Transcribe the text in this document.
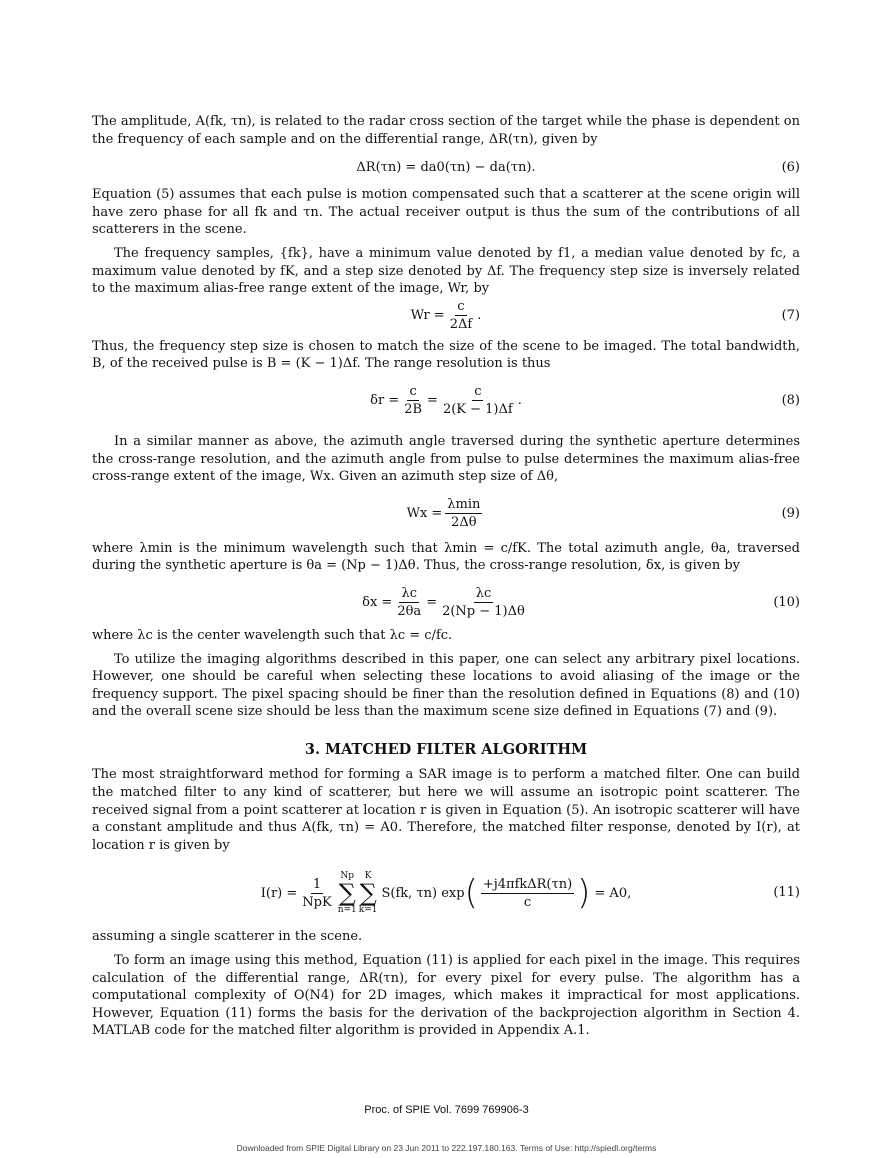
The amplitude, A(fk, τn), is related to the radar cross section of the target while the phase is dependent on the frequency of each sample and on the differential range, ΔR(τn), given by

ΔR(τn) = da0(τn) − da(τn).	(6)

Equation (5) assumes that each pulse is motion compensated such that a scatterer at the scene origin will have zero phase for all fk and τn. The actual receiver output is thus the sum of the contributions of all scatterers in the scene.

The frequency samples, {fk}, have a minimum value denoted by f1, a median value denoted by fc, a maximum value denoted by fK, and a step size denoted by Δf. The frequency step size is inversely related to the maximum alias-free range extent of the image, Wr, by

$Wr = \frac{c}{2\Delta f}$ .	(7)

Thus, the frequency step size is chosen to match the size of the scene to be imaged. The total bandwidth, B, of the received pulse is B = (K − 1)Δf. The range resolution is thus

$\delta r = \frac{c}{2B} = \frac{c}{2(K - 1)\Delta f}$ .	(8)

In a similar manner as above, the azimuth angle traversed during the synthetic aperture determines the cross-range resolution, and the azimuth angle from pulse to pulse determines the maximum alias-free cross-range extent of the image, Wx. Given an azimuth step size of Δθ,

$Wx = \frac{\lambda\min}{2\Delta\theta}$	(9)

where λmin is the minimum wavelength such that λmin = c/fK. The total azimuth angle, θa, traversed during the synthetic aperture is θa = (Np − 1)Δθ. Thus, the cross-range resolution, δx, is given by

$\delta x = \frac{\lambda c}{2\theta a} = \frac{\lambda c}{2(Np - 1)\Delta\theta}$	(10)

where λc is the center wavelength such that λc = c/fc.

To utilize the imaging algorithms described in this paper, one can select any arbitrary pixel locations. However, one should be careful when selecting these locations to avoid aliasing of the image or the frequency support. The pixel spacing should be finer than the resolution defined in Equations (8) and (10) and the overall scene size should be less than the maximum scene size defined in Equations (7) and (9).

3. MATCHED FILTER ALGORITHM

The most straightforward method for forming a SAR image is to perform a matched filter. One can build the matched filter to any kind of scatterer, but here we will assume an isotropic point scatterer. The received signal from a point scatterer at location r is given in Equation (5). An isotropic scatterer will have a constant amplitude and thus A(fk, τn) = A0. Therefore, the matched filter response, denoted by I(r), at location r is given by

$I(r) = \frac{1}{\text{NpK}}$
Np
∑
n=1
K
∑
k=1
S(fk, τn) exp ( $\frac{\text{+j4πfkΔR(τn)}}{c}$ ) = A0,	(11)

assuming a single scatterer in the scene.

To form an image using this method, Equation (11) is applied for each pixel in the image. This requires calculation of the differential range, ΔR(τn), for every pixel for every pulse. The algorithm has a computational complexity of O(N4) for 2D images, which makes it impractical for most applications. However, Equation (11) forms the basis for the derivation of the backprojection algorithm in Section 4. MATLAB code for the matched filter algorithm is provided in Appendix A.1.

Proc. of SPIE Vol. 7699 769906-3
Downloaded from SPIE Digital Library on 23 Jun 2011 to 222.197.180.163. Terms of Use: http://spiedl.org/terms
